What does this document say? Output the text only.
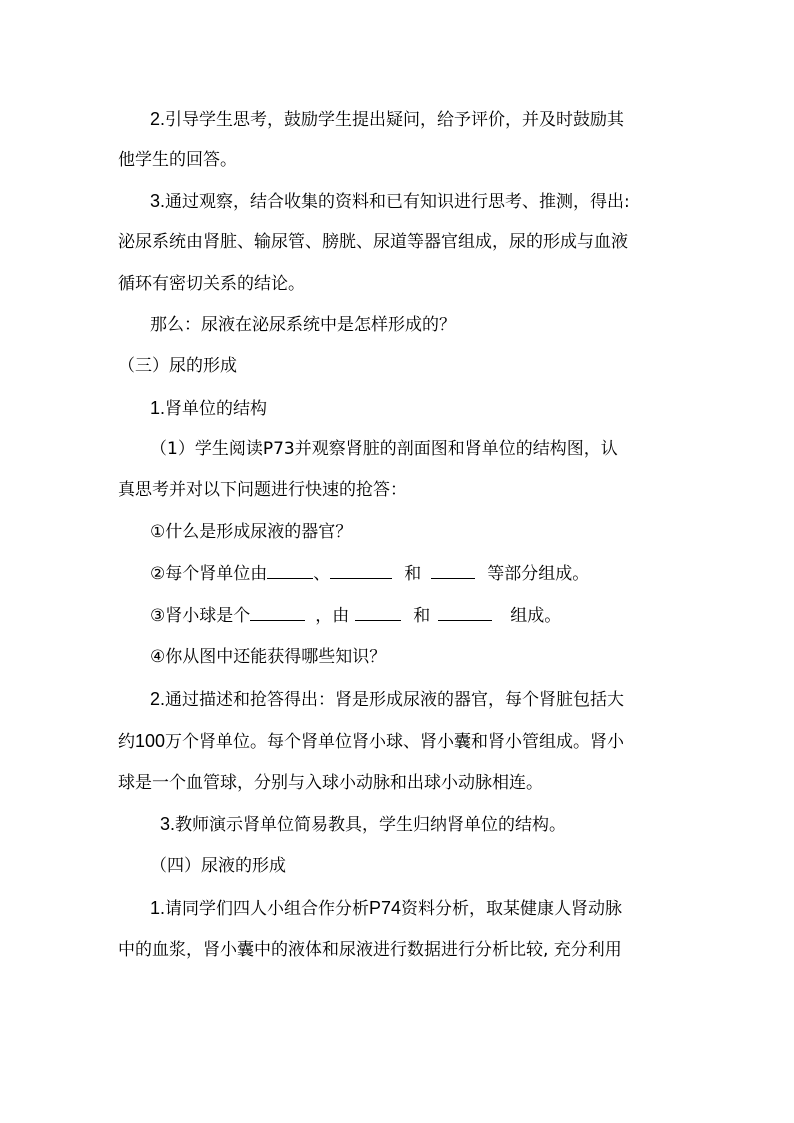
2.引导学生思考，鼓励学生提出疑问，给予评价，并及时鼓励其
他学生的回答。
3.通过观察，结合收集的资料和已有知识进行思考、推测，得出:
泌尿系统由肾脏、输尿管、膀胱、尿道等器官组成，尿的形成与血液
循环有密切关系的结论。
那么：尿液在泌尿系统中是怎样形成的？
（三）尿的形成
1.肾单位的结构
（1）学生阅读P73并观察肾脏的剖面图和肾单位的结构图，认
真思考并对以下问题进行快速的抢答：
①什么是形成尿液的器官？
②每个肾单位由	、	和	等部分组成。
③肾小球是个	，由	和	组成。
④你从图中还能获得哪些知识？
2.通过描述和抢答得出：肾是形成尿液的器官，每个肾脏包括大
约100万个肾单位。每个肾单位肾小球、肾小囊和肾小管组成。肾小
球是一个血管球，分别与入球小动脉和出球小动脉相连。
3.教师演示肾单位简易教具，学生归纳肾单位的结构。
（四）尿液的形成
1.请同学们四人小组合作分析P74资料分析，取某健康人肾动脉
中的血浆，肾小囊中的液体和尿液进行数据进行分析比较, 充分利用
